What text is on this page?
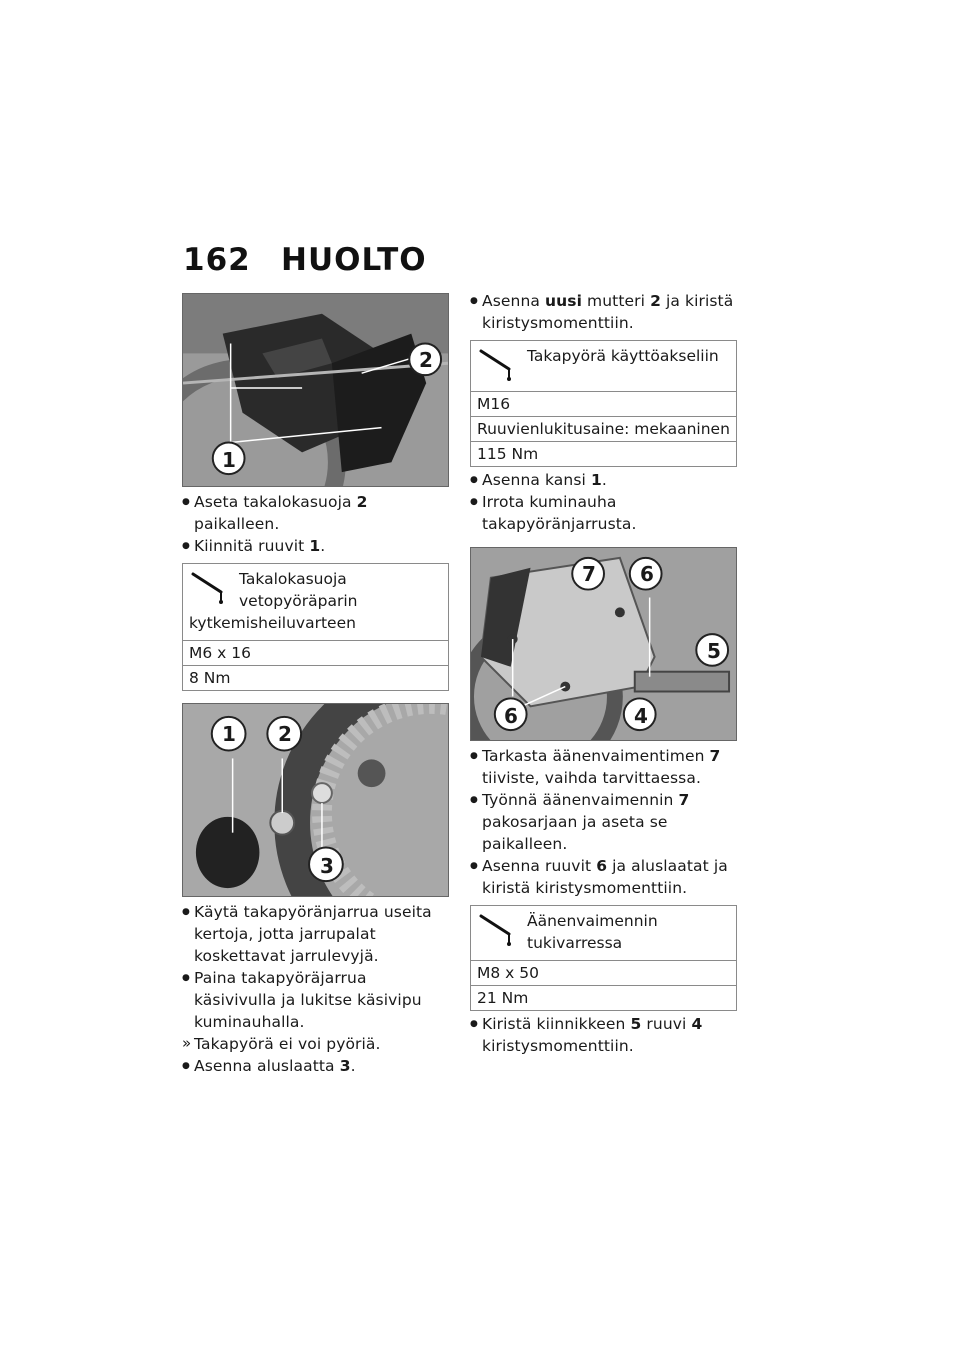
162 HUOLTO
2
1
● Aseta takalokasuoja 2 paikalleen.
● Kiinnitä ruuvit 1.
Takalokasuoja vetopyöräparin kytkemisheiluvarteen
M6 x 16
8 Nm
1 2
3
● Käytä takapyöränjarrua useita kertoja, jotta jarrupalat koskettavat jarrulevyjä.
● Paina takapyöräjarrua käsivivulla ja lukitse käsivipu kuminauhalla.
» Takapyörä ei voi pyöriä.
● Asenna aluslaatta 3.
● Asenna uusi mutteri 2 ja kiristä kiristysmomenttiin.
Takapyörä käyttöakseliin
M16
Ruuvienlukitusaine: mekaaninen
115 Nm
● Asenna kansi 1.
● Irrota kuminauha takapyöränjarrusta.
7 6
5
6	4
● Tarkasta äänenvaimentimen 7 tiiviste, vaihda tarvittaessa.
● Työnnä äänenvaimennin 7 pakosarjaan ja aseta se paikalleen.
● Asenna ruuvit 6 ja aluslaatat ja kiristä kiristysmomenttiin.
Äänenvaimennin tukivarressa
M8 x 50
21 Nm
● Kiristä kiinnikkeen 5 ruuvi 4 kiristysmomenttiin.
